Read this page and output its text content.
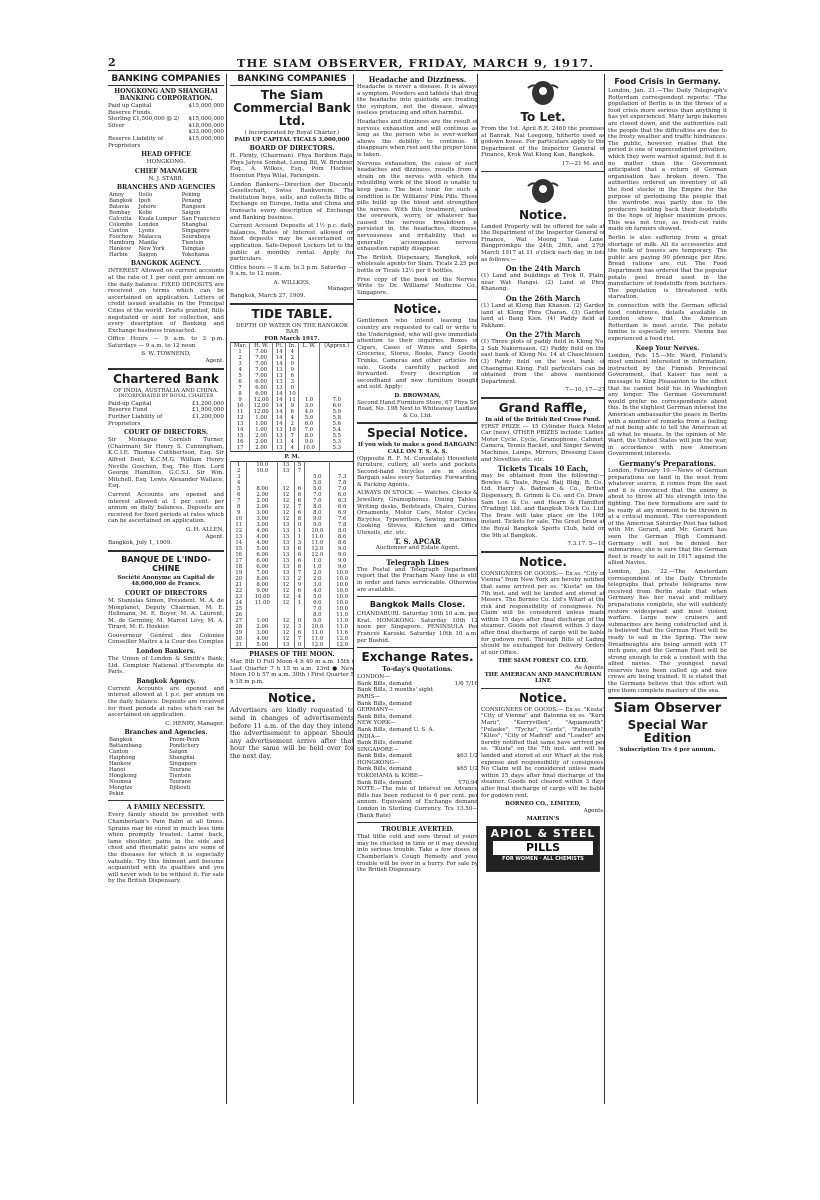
2	THE SIAM OBSERVER, FRIDAY, MARCH 9, 1917.
BANKING COMPANIES
HONGKONG AND SHANGHAI BANKING CORPORATION.
Paid up Capital	$15,000,000
Reserve Funds.
Sterling £1,500,000 @ 2/	$15,000,000
Silver	$18,000,000
$33,000,000
Reserve Liability of Proprietors
$15,000,000
HEAD OFFICE
HONGKONG.
CHIEF MANAGER
N. J. STABB.
BRANCHES AND AGENCIES
Amoy	Iloilo	Peking
Bangkok	Ipoh	Penang
Batavia	Johore	Rangoon
Bombay	Kobe	Saigon
Calcutta	Kuala Lumpur	San Francisco
Colombo	London	Shanghai
Canton	Lyons	Singapore
Foochow	Malacca	Sourabaya
Hamburg	Manila	Tientsin
Hankow	New York	Tsingtao
Harbin	Saigon	Yokohama
BANGKOK AGENCY.

INTEREST Allowed on current accounts at the rate of 1 per cent per annum on the daily balance. FIXED DEPOSITS are received on terms which can be ascertained on application. Letters of credit issued available in the Principal Cities of the world. Drafts granted, Bills negotiated or sent for collection, and every description of Banking and Exchange business transacted.

Office Hours — 9 a.m. to 3 p.m. Saturdays — 9 a.m. to 12 noon

S. W. TOWNEND,
Agent.
Chartered Bank
OF INDIA, AUSTRALIA AND CHINA.
INCORPORATED BY ROYAL CHARTER
Paid-up Capital	£1,200,000
Reserve Fund	£1,900,000
Further Liability of Proprietors
£1,200,000
COURT OF DIRECTORS.

Sir Montague Cornish Turner, (Chairman) Sir Henry S. Cunningham, K.C.I.E. Thomas Cuthbertson, Esq. Sir Alfred Dent, K.C.M.G. William Henry Neville Goschen, Esq. The Hon. Lord George Hamilton, G.C.S.I. Sir Wm. Mitchell, Esq. Lewis Alexander Wallace, Esq.

Current Accounts are opened and interest allowed at 1 per cent. per annum on daily balances. Deposits are received for fixed periods at rates which can be ascertained on application.

G. H. ALLEN,
Agent.
Bangkok, July 1, 1909.
BANQUE DE L'INDO-CHINE
Société Anonyme au Capital de 48,000,000 de Francs.
COURT OF DIRECTORS

M. Stanislas Simon, Président. M. A. de Monplanet, Deputy Chairman. M. E. Hellmann, M. E. Boyer, M. A. Laurent, M. de Germiny, M. Marcel Lévy, M. A. Tirard, M. E. Hoskier.

Gouverneur Général des Colonies Conseiller Maître à la Cour des Comptes

London Bankers.

The Union of London & Smith's Bank, Ltd. Comptoir National d'Escompte de Paris.

Bangkok Agency.

Current Accounts are opened and interest allowed at 1 p.c. per annum on the daily balance. Deposits are received for fixed periods at rates which can be ascertained on application.

C. HENRY, Manager.
Branches and Agencies.
Bangkok	Pnom-Penh
Battambang	Pondichery
Canton	Saigon
Haiphong	Shanghai
Hankow	Singapore
Hanoi	Tourane
Hongkong	Tientsin
Noumea	Tourane
Mongtze	Djibouti
Pekin	
A FAMILY NECESSITY.

Every family should be provided with Chamberlain's Pain Balm at all times. Sprains may be cured in much less time when promptly treated. Lame back, lame shoulder, pains in the side and chest and rheumatic pains are some of the diseases for which it is especially valuable. Try this liniment and become acquainted with its qualities and you will never wish to be without it. For sale by the British Dispensary.

BANKING COMPANIES
The Siam Commercial Bank Ltd.
( Incorporated by Royal Charter.)
PAID UP CAPITAL TICALS 3,000,000
BOARD OF DIRECTORS.

H. Plenty, (Chairman). Phya Boribun Raja, Phya Jaiyos Sombat, Leong Bil, W. Bruhner, Esq., A. Wilkes, Esq., Pom Hochoo, Hoontun Phya Wilai, Parangsin.

London Bankers—Direction der Disconto Gesellschaft, Swiss Bankverein. The Institution buys, sells, and collects Bills of Exchange on Europe, India and China and transacts every description of Exchange and Banking business.

Current Account Deposits at 1½ p.c. daily balances. Rates of Interest allowed on fixed deposits may be ascertained on application. Safe-Deposit Lockers let to the public at monthly rental. Apply for particulars.

Office hours — 9 a.m. to 3 p.m. Saturday — 9 a.m. to 12 noon.

A. WILLKES,
Manager.
Bangkok, March 27, 1909.
TIDE TABLE.
DEPTH OF WATER ON THE BANGKOK BAR
FOR March 1917.
Mar.	H. W.	Ft.	In.	L. W.	(Approx.)
1	7.00	14	4		
2	7.00	14	2		
3	7.00	14	0		
4	7.00	13	9		
5	7.00	13	6		
6	6.00	13	3		
7	6.00	13	0		
8	6.00	14	10		
9	12.00	14	11	1.0	7.0
10	12.00	14	9	3.0	6.0
11	12.00	14	6	4.0	5.9
12	1.00	14	4	5.0	5.8
13	1.00	14	2	6.0	5.6
14	1.00	13	10	7.0	5.4
15	2.00	13	7	8.0	5.5
16	2.00	13	4	9.0	5.3
17	2.00	13	4	10.0	5.3
P. M.
1	10.0	13	5		
2	10.0	13	7		
3				5.0	7.3
4				5.0	7.8
5	8.00	12	6	5.0	7.0
6	2.00	12	6	7.0	6.0
7	2.00	12	6	7.0	6.3
8	2.00	12	7	8.0	6.6
9	3.00	12	6	8.0	6.9
10	3.00	12	8	9.0	7.6
11	3.00	13	0	9.0	7.8
12	4.00	13	1	10.0	8.0
13	4.00	13	1	11.0	8.6
14	4.00	13	3	11.0	8.6
15	5.00	13	6	12.0	9.0
16	6.00	13	6	12.0	9.0
17	6.00	13	6	1.0	9.0
18	6.00	13	6	1.0	9.0
19	7.00	13	7	2.0	10.0
20	8.00	13	2	2.0	10.0
21	8.00	12	9	3.0	10.0
22	9.00	12	6	4.0	10.0
23	10.00	12	4	5.0	10.0
24	11.00	12	1	6.0	10.0
25				7.0	10.0
26				8.0	11.0
27	1.00	12	0	9.0	11.0
28	2.00	12	3	10.0	11.0
29	3.00	12	6	11.0	11.6
30	4.00	12	7	11.0	12.0
31	5.00	13	0	12.0	12.0
PHASES OF THE MOON.

Mar. 8th O Full Moon 4 h 40 m a.m. 15th ( Last Quarter 7 h 15 m a.m. 23rd ● New Moon 10 h 57 m a.m. 30th ) First Quarter 5 h 18 m p.m.

Notice.

Advertisers are kindly requested to send in changes of advertisements before 11 a.m. of the day they intend the advertisement to appear. Should any advertisement arrive after that hour the same will be held over for the next day.

Headache and Dizziness.

Headache is never a disease. It is always a symptom. Powders and tablets that drug the headache into quietude are treating the symptom, not the disease, always useless producing and often harmful.

Headaches and dizziness are the result of nervous exhaustion and will continue as long as the person who is over-worked allows the debility to continue. It disappears when rest and the proper tonic is taken.

Nervous exhaustion, the cause of such headaches and dizziness, results from a strain on the nerves with which the rebuilding work of the blood is unable to keep pace. The best tonic for such a condition is Dr. Williams' Pink Pills. These pills build up the blood and strengthen the nerves. With this treatment, unless the overwork, worry, or whatever has caused the nervous breakdown is persisted in, the headaches, dizziness, nervousness and irritability that so generally accompanies nervous exhaustion rapidly disappear.

The British Dispensary, Bangkok, sole wholesale agents for Siam. Ticals 2.25 per bottle or Ticals 12½ per 6 bottles.

Free copy of the book on the Nerves. Write to Dr. Williams' Medicine Co., Singapore.

Notice.

Gentlemen who intend leaving the country are requested to call or write to the Undersigned, who will give immediate attention to their inquiries. Boxes of Cigars, Cases of Wines and Spirits, Groceries, Stores, Books, Fancy Goods, Trunks, Cameras and other articles for sale. Goods carefully packed and forwarded. Every description of secondhand and new furniture bought and sold. Apply:

D. BROWMAN,

Second Hand Furniture Store, 67 Phya Sri Road, No. 198 Next to Whiteaway Laidlaw & Co. Ltd.

Special Notice.
If you wish to make a good BARGAIN!
CALL ON T. S. A. S.

(Opposite R. F. M. Consulate) Household furniture, cutlery, all sorts and pockets. Second-hand bicycles are in stock. Bargain sales every Saturday. Forwarding & Packing Agents.

ALWAYS IN STOCK: — Watches, Clocks & Jewellery, Gramophones, Dining Tables, Writing desks, Bedsteads, Chairs, Curios, Ornaments, Motor Cars, Motor Cycles, Bicycles, Typewriters, Sewing machines, Cooking Stoves, Kitchen and Office Utensils, etc. etc.

T. S. APCAR
Auctioneer and Estate Agent.
Telegraph Lines

The Postal and Telegraph Department report that the Pracham Nauy line is still in order and fares serviceable. Otherwise are available.

Bangkok Mails Close.

CHANDABURI. Saturday 10th 10 a.m. per Krat. HONGKONG. Saturday 10th 12 noon per Singapore. PENINSULA Per Frances Karoski. Saturday 10th 10 a.m. per Bushid.

Exchange Rates.
To-day's Quotations.
LONDON—
Bank Bills, demand	1/6 7/16
Bank Bills, 3 months' sight
PARIS—
Bank Bills, demand
GERMANY—
Bank Bills, demand
NEW YORK—
Bank Bills, demand U. S. A.
INDIA—
Bank Bills, demand
SINGAPORE—
Bank Bills, demand	$63 1/2
HONGKONG—
Bank Bills, demand	$65 1/2
YOKOHAMA & KOBE—
Bank Bills, demand	Y70.94

NOTE.—The rate of Interest on Advance Bills has been reduced to 6 per cent. per annum. Equivalent of Exchange demand London in Sterling Currency. Tcs 13.50—(Bank Rate)

TROUBLE AVERTED.

That little cold and sore throat of yours may be checked in time or it may develop into serious trouble. Take a few doses of Chamberlain's Cough Remedy and your trouble will be over in a hurry. For sale by the British Dispensary.

To Let.

From the 1st. April B.E. 2460 the premises at Banrak, Nai Loegong, hitherto used as godown house. For particulars apply to the Department of the Inspector General of Finance, Krok Wat Klong Kan, Bangkok.

17—21 M. and.
Notice.

Landed Property will be offered for sale at the Department of the Inspector General of Finance, Wat Moong Yaai Lane, Bangpromkpu the 24th, 26th, and 27th March 1917 at 11 o'clock each day, in lots as follows:—

On the 24th March

(1) Land and buildings at Trok II. Plain, near Wat Hangsi. (2) Land at Phra Khanong.

On the 26th March

(1) Land at Klong Ban Khanon. (2) Garden land at Klong Phra Charan. (3) Garden land at Bang Kien. (4) Paddy field at Pakham.

On the 27th March

(1) Three plots of paddy field in Klong No. 2 Sub Nakornsaen. (2) Paddy field on the east bank of Klong No. 14 at Chaschisuen. (3) Paddy field on the west bank of Chaengmai Klong. Full particulars can be obtained from the above mentioned Department.

7—10, 17—27
Grand Raffle,
In aid of the British Red Cross Fund.

FIRST PRIZE — 15 Cylinder Buick Motor Car (new). OTHER PRIZES include: Ladies' Motor Cycle, Cycle, Gramophone, Cabinet, Camera, Tennis Racket, and Singer Sewing Machines, Lamps, Mirrors, Dressing Cases and Novelties etc. etc.

Tickets Ticals 10 Each,

may be obtained from the following:— Bowles & Teale, Royal Raij Bldg, B. Co., Ltd. Harry A. Badman & Co., British Dispensary, B. Grimm & Co. and Co. Draw: Sam Loe & Co. and Hearn & Hamilton (Trading) Ltd. and Bangkok Dock Co. Ltd. The Draw will take place on the 10th instant. Tickets for sale. The Great Draw at the Royal Bangkok Sports Club, held on the 9th at Bangkok.

7.3.17. 5—10
Notice.

CONSIGNEES OF GOODS:— Ex ss. "City of Vienna" from New York are hereby notified that same arrived per ss. "Kusta" on the 7th inst. and will be landed and stored at Messrs. The Borneo Co. Ltd's Wharf at the risk and responsibility of consignees. No Claim will be considered unless made within 15 days after final discharge of the steamer. Goods not cleared within 3 days after final discharge of cargo will be liable for godown rent. Through Bills of Lading should be exchanged for Delivery Orders at our Office.

THE SIAM FOREST CO. LTD.
As Agents.
THE AMERICAN AND MANCHURIAN LINE
Notice.

CONSIGNEES OF GOODS:— Ex ss. "Kusta" "City of Vienna" and Batonna ex ss. "Kuru Maru", "Kerryvillen", "Aquamouth", "Pulaske", "Tyche", "Gents", "Falmouth", "Kites", "City of Madrid" and "Loader" are hereby notified that same have arrived per ss. "Kusta" on the 7th inst. and will be landed and stored at our Wharf at the risk, expense and responsibility of consignees. No Claim will be considered unless made within 15 days after final discharge of the steamer. Goods not cleared within 3 days after final discharge of cargo will be liable for godown rent.

BORNEO CO., LIMITED,
Agents.
MARTIN'S
APIOL & STEEL
PILLS
FOR WOMEN · ALL CHEMISTS
Food Crisis in Germany.

London, Jan. 21.—The Daily Telegraph's Rotterdam correspondent reports: "The population of Berlin is in the throes of a food crisis more serious than anything it has yet experienced. Many large bakeries are closed down, and the authorities call the people that the difficulties are due to the frosty weather and traffic hindrances. The public, however, realise that the period is one of unprecedented privation, which they were warned against, but it is no matter than the Government anticipated that a return of German organisation has broken down. The authorities ordered an inventory of all the food stocks in the Empire for the purpose of periodising the people that the wardrobe was partly due to the producers holding back their foodstuffs in the hope of higher maximum prices. This was not true, as fresh-cut raids made on farmers showed.

Berlin is also suffering from a great shortage of milk. All its accessories and the bulk of houses are temporary. The public are paying 90 pfennige per litre. Bread rations are cut. The Food Department has ordered that the popular potato peel bread used in the manufacture of foodstuffs from butchers. The population is threatened with starvation.

In connection with the German official food conference, details available in London show that the American Rotterdam is most acute. The potato famine is especially severe. Vienna has experienced a food riot.

Keep Your Nerves.

London, Feb. 15.—Mr. Ward, Finland's most eminent interested in information, instructed by the Finnish Provincial Government, that Kaiser has sent a message to King Pleasanton to the effect that he cannot hold his in Washington any longer. The German Government would prefer no correspondence about this. In the slightest Gerrman interest the American ambassador the peace in Berlin with a number of remarks from a feeling of not being able to tell the American at all what he means. In the opinion of Mr. Ward, the United States will join the war, in accordance with new American Government interests.

Germany's Preparations.

London, February 19.—News of German preparations on land in the west from whatever source, it comes from the east and it is convinced that the enemy is about to throw all his strength into the fighting. The new formations are said to be ready at any moment to be thrown in at a critical moment. The correspondent of the American Saturday Post has talked with Mr. Gerard, and Mr. Gerard has seen the German High Command. Germany will not be denied her submarines; she is sure that the German fleet is ready to sail in 1917 against the allied Navies.

London, Jan. 22.—The Amsterdam correspondent of the Daily Chronicle telegraphs that private telegrams now received from Berlin state that when Germany has her naval and military preparations complete, she will suddenly restore widespread and most violent warfare. Large new cruisers and submarines are being constructed and it is believed that the German Fleet will be ready to sail in the Spring. The new Dreadnoughts are being armed with 17 inch guns, and the German Fleet will be strong enough to risk a contest with the allied navies. The youngest naval reserves have been called up and new crews are being trained. It is stated that the Germans believe that this effort will give them complete mastery of the sea.

Siam Observer
Special War Edition
Subscription Tcs 4 per annum.
